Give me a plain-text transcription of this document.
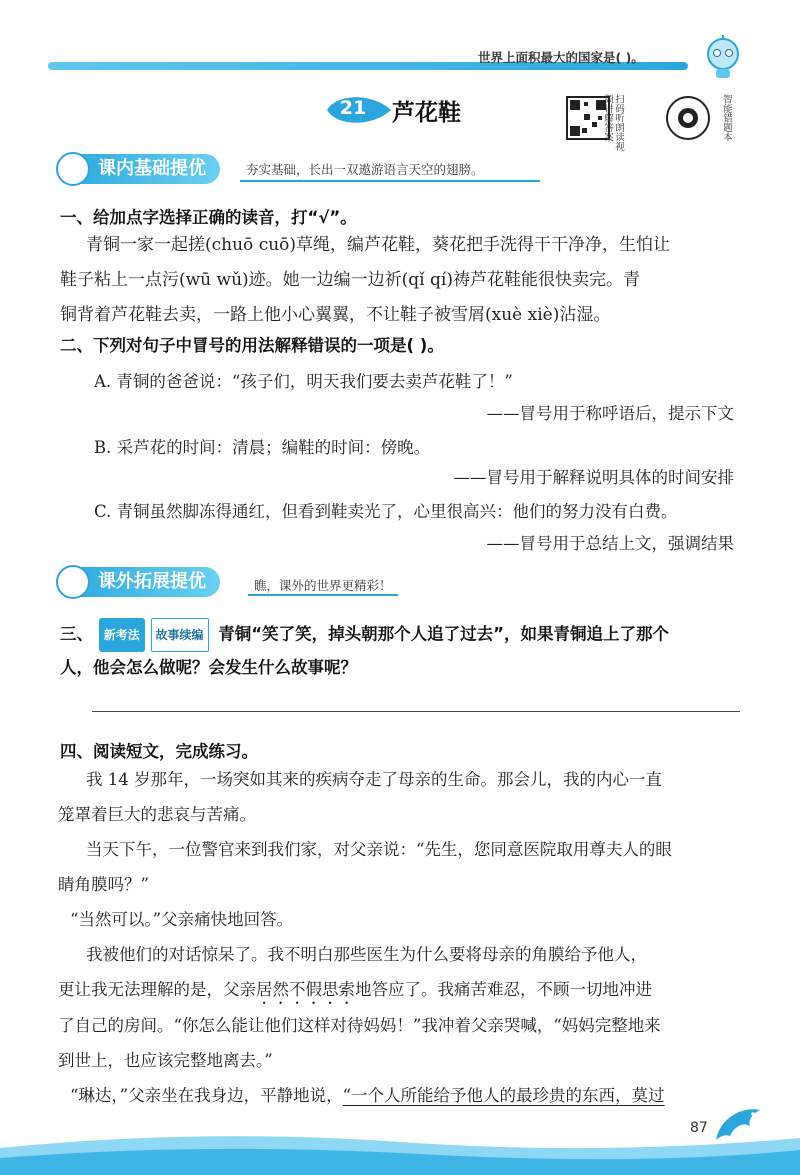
世界上面积最大的国家是( )。
21	芦花鞋	扫码听朗读视频讲解答案	智能错题本
课内基础提优	夯实基础，长出一双遨游语言天空的翅膀。
一、给加点字选择正确的读音，打“√”。
青铜一家一起搓(chuō cuō)草绳，编芦花鞋，葵花把手洗得干干净净，生怕让
鞋子粘上一点污(wū wǔ)迹。她一边编一边祈(qǐ qí)祷芦花鞋能很快卖完。青
铜背着芦花鞋去卖，一路上他小心翼翼，不让鞋子被雪屑(xuè xiè)沾湿。
二、下列对句子中冒号的用法解释错误的一项是( )。
A. 青铜的爸爸说：“孩子们，明天我们要去卖芦花鞋了！”
——冒号用于称呼语后，提示下文
B. 采芦花的时间：清晨；编鞋的时间：傍晚。
——冒号用于解释说明具体的时间安排
C. 青铜虽然脚冻得通红，但看到鞋卖光了，心里很高兴：他们的努力没有白费。
——冒号用于总结上文，强调结果
课外拓展提优	瞧，课外的世界更精彩！
三、 新考法 故事续编 青铜“笑了笑，掉头朝那个人追了过去”，如果青铜追上了那个
人，他会怎么做呢？会发生什么故事呢？
四、阅读短文，完成练习。
我 14 岁那年，一场突如其来的疾病夺走了母亲的生命。那会儿，我的内心一直
笼罩着巨大的悲哀与苦痛。
当天下午，一位警官来到我们家，对父亲说：“先生，您同意医院取用尊夫人的眼
睛角膜吗？”
“当然可以。”父亲痛快地回答。
我被他们的对话惊呆了。我不明白那些医生为什么要将母亲的角膜给予他人，
更让我无法理解的是，父亲居然不假思索地答应了。我痛苦难忍，不顾一切地冲进
了自己的房间。“你怎么能让他们这样对待妈妈！”我冲着父亲哭喊，“妈妈完整地来
到世上，也应该完整地离去。”
“琳达，”父亲坐在我身边，平静地说，“一个人所能给予他人的最珍贵的东西，莫过
87
